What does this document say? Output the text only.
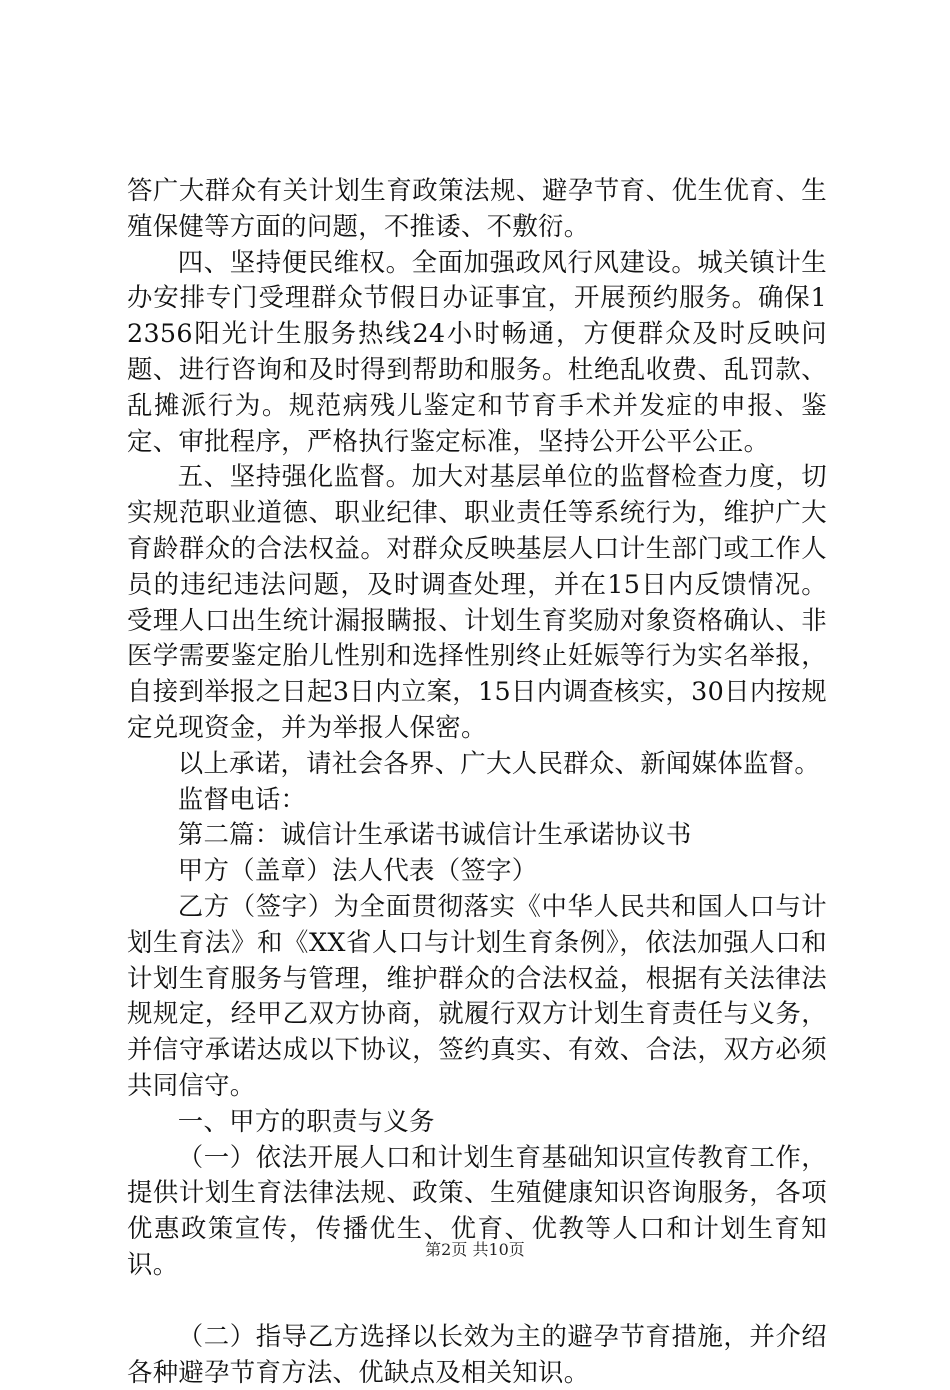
答广大群众有关计划生育政策法规、避孕节育、优生优育、生殖保健等方面的问题，不推诿、不敷衍。

四、坚持便民维权。全面加强政风行风建设。城关镇计生办安排专门受理群众节假日办证事宜，开展预约服务。确保12356阳光计生服务热线24小时畅通，方便群众及时反映问题、进行咨询和及时得到帮助和服务。杜绝乱收费、乱罚款、乱摊派行为。规范病残儿鉴定和节育手术并发症的申报、鉴定、审批程序，严格执行鉴定标准，坚持公开公平公正。

五、坚持强化监督。加大对基层单位的监督检查力度，切实规范职业道德、职业纪律、职业责任等系统行为，维护广大育龄群众的合法权益。对群众反映基层人口计生部门或工作人员的违纪违法问题，及时调查处理，并在15日内反馈情况。受理人口出生统计漏报瞒报、计划生育奖励对象资格确认、非医学需要鉴定胎儿性别和选择性别终止妊娠等行为实名举报，自接到举报之日起3日内立案，15日内调查核实，30日内按规定兑现资金，并为举报人保密。

以上承诺，请社会各界、广大人民群众、新闻媒体监督。

监督电话：

第二篇：诚信计生承诺书诚信计生承诺协议书

甲方（盖章）法人代表（签字）

乙方（签字）为全面贯彻落实《中华人民共和国人口与计划生育法》和《XX省人口与计划生育条例》，依法加强人口和计划生育服务与管理，维护群众的合法权益，根据有关法律法规规定，经甲乙双方协商，就履行双方计划生育责任与义务，并信守承诺达成以下协议，签约真实、有效、合法，双方必须共同信守。

一、甲方的职责与义务

（一）依法开展人口和计划生育基础知识宣传教育工作，提供计划生育法律法规、政策、生殖健康知识咨询服务，各项优惠政策宣传，传播优生、优育、优教等人口和计划生育知识。

（二）指导乙方选择以长效为主的避孕节育措施，并介绍各种避孕节育方法、优缺点及相关知识。

第2页 共10页
